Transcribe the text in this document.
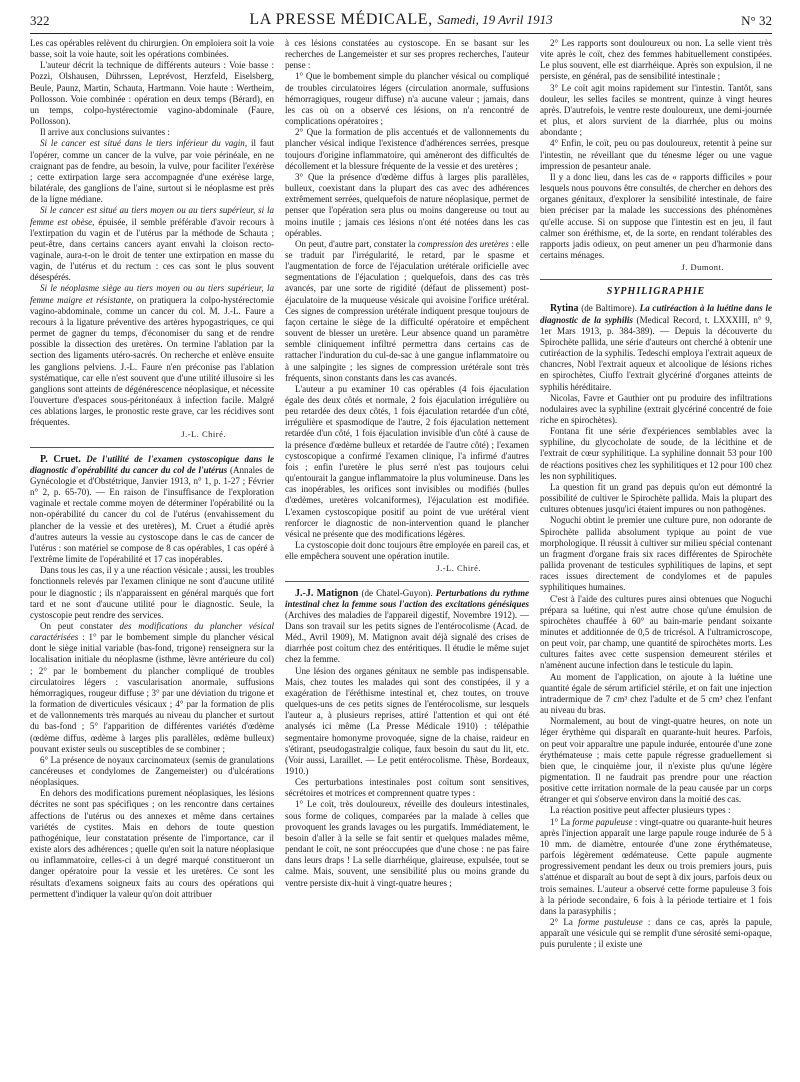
322	LA PRESSE MÉDICALE, Samedi, 19 Avril 1913	N° 32

Les cas opérables relèvent du chirurgien. On emploiera soit la voie basse, soit la voie haute, soit les opérations combinées.

L'auteur décrit la technique de différents auteurs : Voie basse : Pozzi, Olshausen, Dührssen, Leprévost, Herzfeld, Eiselsberg, Beule, Paunz, Martin, Schauta, Hartmann. Voie haute : Wertheim, Pollosson. Voie combinée : opération en deux temps (Bérard), en un temps, colpo-hystérectomie vagino-abdominale (Faure, Pollosson).

Il arrive aux conclusions suivantes :

Si le cancer est situé dans le tiers inférieur du vagin, il faut l'opérer, comme un cancer de la vulve, par voie périnéale, en ne craignant pas de fendre, au besoin, la vulve, pour faciliter l'exérèse ; cette extirpation large sera accompagnée d'une exérèse large, bilatérale, des ganglions de l'aine, surtout si le néoplasme est près de la ligne médiane.

Si le cancer est situé au tiers moyen ou au tiers supérieur, si la femme est obèse, épuisée, il semble préférable d'avoir recours à l'extirpation du vagin et de l'utérus par la méthode de Schauta ; peut-être, dans certains cancers ayant envahi la cloison recto-vaginale, aura-t-on le droit de tenter une extirpation en masse du vagin, de l'utérus et du rectum : ces cas sont le plus souvent désespérés.

Si le néoplasme siège au tiers moyen ou au tiers supérieur, la femme maigre et résistante, on pratiquera la colpo-hystérectomie vagino-abdominale, comme un cancer du col. M. J.-L. Faure a recours à la ligature préventive des artères hypogastriques, ce qui permet de gagner du temps, d'économiser du sang et de rendre possible la dissection des uretères. On termine l'ablation par la section des ligaments utéro-sacrés. On recherche et enlève ensuite les ganglions pelviens. J.-L. Faure n'en préconise pas l'ablation systématique, car elle n'est souvent que d'une utilité illusoire si les ganglions sont atteints de dégénérescence néoplasique, et nécessite l'ouverture d'espaces sous-péritonéaux à infection facile. Malgré ces ablations larges, le pronostic reste grave, car les récidives sont fréquentes.

J.-L. Chiré.

P. Cruet. De l'utilité de l'examen cystoscopique dans le diagnostic d'opérabilité du cancer du col de l'utérus (Annales de Gynécologie et d'Obstétrique, Janvier 1913, n° 1, p. 1-27 ; Février n° 2, p. 65-70). — En raison de l'insuffisance de l'exploration vaginale et rectale comme moyen de déterminer l'opérabilité ou la non-opérabilité du cancer du col de l'utérus (envahissement du plancher de la vessie et des uretères), M. Cruet a étudié après d'autres auteurs la vessie au cystoscope dans le cas de cancer de l'utérus : son matériel se compose de 8 cas opérables, 1 cas opéré à l'extrême limite de l'opérabilité et 17 cas inopérables.

Dans tous les cas, il y a une réaction vésicale ; aussi, les troubles fonctionnels relevés par l'examen clinique ne sont d'aucune utilité pour le diagnostic ; ils n'apparaissent en général marqués que fort tard et ne sont d'aucune utilité pour le diagnostic. Seule, la cystoscopie peut rendre des services.

On peut constater des modifications du plancher vésical caractérisées : 1° par le bombement simple du plancher vésical dont le siège initial variable (bas-fond, trigone) renseignera sur la localisation initiale du néoplasme (isthme, lèvre antérieure du col) ; 2° par le bombement du plancher compliqué de troubles circulatoires légers : vascularisation anormale, suffusions hémorragiques, rougeur diffuse ; 3° par une déviation du trigone et la formation de diverticules vésicaux ; 4° par la formation de plis et de vallonnements très marqués au niveau du plancher et surtout du bas-fond ; 5° l'apparition de différentes variétés d'œdème (œdème diffus, œdème à larges plis parallèles, œdème bulleux) pouvant exister seuls ou susceptibles de se combiner ;

6° La présence de noyaux carcinomateux (semis de granulations cancéreuses et condylomes de Zangemeister) ou d'ulcérations néoplasiques.

En dehors des modifications purement néoplasiques, les lésions décrites ne sont pas spécifiques ; on les rencontre dans certaines affections de l'utérus ou des annexes et même dans certaines variétés de cystites. Mais en dehors de toute question pathogénique, leur constatation présente de l'importance, car il existe alors des adhérences ; quelle qu'en soit la nature néoplasique ou inflammatoire, celles-ci à un degré marqué constitueront un danger opératoire pour la vessie et les uretères. Ce sont les résultats d'examens soigneux faits au cours des opérations qui permettent d'indiquer la valeur qu'on doit attribuer

à ces lésions constatées au cystoscope. En se basant sur les recherches de Langemeister et sur ses propres recherches, l'auteur pense :

1° Que le bombement simple du plancher vésical ou compliqué de troubles circulatoires légers (circulation anormale, suffusions hémorragiques, rougeur diffuse) n'a aucune valeur ; jamais, dans les cas où on a observé ces lésions, on n'a rencontré de complications opératoires ;

2° Que la formation de plis accentués et de vallonnements du plancher vésical indique l'existence d'adhérences serrées, presque toujours d'origine inflammatoire, qui amèneront des difficultés de décollement et la blessure fréquente de la vessie et des uretères ;

3° Que la présence d'œdème diffus à larges plis parallèles, bulleux, coexistant dans la plupart des cas avec des adhérences extrêmement serrées, quelquefois de nature néoplasique, permet de penser que l'opération sera plus ou moins dangereuse ou tout au moins inutile ; jamais ces lésions n'ont été notées dans les cas opérables.

On peut, d'autre part, constater la compression des uretères : elle se traduit par l'irrégularité, le retard, par le spasme et l'augmentation de force de l'éjaculation urétérale orificielle avec segmentations de l'éjaculation ; quelquefois, dans des cas très avancés, par une sorte de rigidité (défaut de plissement) post-éjaculatoire de la muqueuse vésicale qui avoisine l'orifice urétéral. Ces signes de compression urétérale indiquent presque toujours de façon certaine le siège de la difficulté opératoire et empêchent souvent de blesser un uretère. Leur absence quand un paramètre semble cliniquement infiltré permettra dans certains cas de rattacher l'induration du cul-de-sac à une gangue inflammatoire ou à une salpingite ; les signes de compression urétérale sont très fréquents, sinon constants dans les cas avancés.

L'auteur a pu examiner 10 cas opérables (4 fois éjaculation égale des deux côtés et normale, 2 fois éjaculation irrégulière ou peu retardée des deux côtés, 1 fois éjaculation retardée d'un côté, irrégulière et spasmodique de l'autre, 2 fois éjaculation nettement retardée d'un côté, 1 fois éjaculation invisible d'un côté à cause de la présence d'œdème bulleux et retardée de l'autre côté) ; l'examen cystoscopique a confirmé l'examen clinique, l'a infirmé d'autres fois ; enfin l'uretère le plus serré n'est pas toujours celui qu'entourait la gangue inflammatoire la plus volumineuse. Dans les cas inopérables, les orifices sont invisibles ou modifiés (bulles d'œdèmes, uretères volcaniformes), l'éjaculation est modifiée. L'examen cystoscopique positif au point de vue urétéral vient renforcer le diagnostic de non-intervention quand le plancher vésical ne présente que des modifications légères.

La cystoscopie doit donc toujours être employée en pareil cas, et elle empêchera souvent une opération inutile.

J.-L. Chiré.

J.-J. Matignon (de Chatel-Guyon). Perturbations du rythme intestinal chez la femme sous l'action des excitations génésiques (Archives des maladies de l'appareil digestif, Novembre 1912). — Dans son travail sur les petits signes de l'entérocolisme (Acad. de Méd., Avril 1909), M. Matignon avait déjà signalé des crises de diarrhée post coïtum chez des entéritiques. Il étudie le même sujet chez la femme.

Une lésion des organes génitaux ne semble pas indispensable. Mais, chez toutes les malades qui sont des constipées, il y a exagération de l'éréthisme intestinal et, chez toutes, on trouve quelques-uns de ces petits signes de l'entérocolisme, sur lesquels l'auteur a, à plusieurs reprises, attiré l'attention et qui ont été analysés ici même (La Presse Médicale 1910) : télépathie segmentaire homonyme provoquée, signe de la chaise, raideur en s'étirant, pseudogastralgie colique, faux besoin du saut du lit, etc. (Voir aussi, Laraillet. — Le petit entérocolisme. Thèse, Bordeaux, 1910.)

Ces perturbations intestinales post coïtum sont sensitives, sécrétoires et motrices et comprennent quatre types :

1° Le coït, très douloureux, réveille des douleurs intestinales, sous forme de coliques, comparées par la malade à celles que provoquent les grands lavages ou les purgatifs. Immédiatement, le besoin d'aller à la selle se fait sentir et quelques malades même, pendant le coït, ne sont préoccupées que d'une chose : ne pas faire dans leurs draps ! La selle diarrhéique, glaireuse, expulsée, tout se calme. Mais, souvent, une sensibilité plus ou moins grande du ventre persiste dix-huit à vingt-quatre heures ;

2° Les rapports sont douloureux ou non. La selle vient très vite après le coït, chez des femmes habituellement constipées. Le plus souvent, elle est diarrhéique. Après son expulsion, il ne persiste, en général, pas de sensibilité intestinale ;

3° Le coït agit moins rapidement sur l'intestin. Tantôt, sans douleur, les selles faciles se montrent, quinze à vingt heures après. D'autrefois, le ventre reste douloureux, une demi-journée et plus, et alors survient de la diarrhée, plus ou moins abondante ;

4° Enfin, le coït, peu ou pas douloureux, retentit à peine sur l'intestin, ne réveillant que du ténesme léger ou une vague impression de pesanteur anale.

Il y a donc lieu, dans les cas de « rapports difficiles » pour lesquels nous pouvons être consultés, de chercher en dehors des organes génitaux, d'explorer la sensibilité intestinale, de faire bien préciser par la malade les successions des phénomènes qu'elle accuse. Si on suppose que l'intestin est en jeu, il faut calmer son éréthisme, et, de la sorte, en rendant tolérables des rapports jadis odieux, on peut amener un peu d'harmonie dans certains ménages.

J. Dumont.
SYPHILIGRAPHIE

Rytina (de Baltimore). La cutiréaction à la luétine dans le diagnostic de la syphilis (Medical Record, t. LXXXIII, n° 9, 1er Mars 1913, p. 384-389). — Depuis la découverte du Spirochète pallida, une série d'auteurs ont cherché à obtenir une cutiréaction de la syphilis. Tedeschi employa l'extrait aqueux de chancres, Nobl l'extrait aqueux et alcoolique de lésions riches en spirochètes, Ciuffo l'extrait glycériné d'organes atteints de syphilis héréditaire.

Nicolas, Favre et Gauthier ont pu produire des infiltrations nodulaires avec la syphiline (extrait glycériné concentré de foie riche en spirochètes).

Fontana fit une série d'expériences semblables avec la syphiline, du glycocholate de soude, de la lécithine et de l'extrait de cœur syphilitique. La syphiline donnait 53 pour 100 de réactions positives chez les syphilitiques et 12 pour 100 chez les non syphilitiques.

La question fit un grand pas depuis qu'on eut démontré la possibilité de cultiver le Spirochète pallida. Mais la plupart des cultures obtenues jusqu'ici étaient impures ou non pathogènes.

Noguchi obtint le premier une culture pure, non odorante de Spirochète pallida absolument typique au point de vue morphologique. Il réussit à cultiver sur milieu spécial contenant un fragment d'organe frais six races différentes de Spirochète pallida provenant de testicules syphilitiques de lapins, et sept races issues directement de condylomes et de papules syphilitiques humaines.

C'est à l'aide des cultures pures ainsi obtenues que Noguchi prépara sa luétine, qui n'est autre chose qu'une émulsion de spirochètes chauffée à 60° au bain-marie pendant soixante minutes et additionnée de 0,5 de tricrésol. A l'ultramicroscope, on peut voir, par champ, une quantité de spirochètes morts. Les cultures faites avec cette suspension demeurent stériles et n'amènent aucune infection dans le testicule du lapin.

Au moment de l'application, on ajoute à la luétine une quantité égale de sérum artificiel stérile, et on fait une injection intradermique de 7 cm³ chez l'adulte et de 5 cm³ chez l'enfant au niveau du bras.

Normalement, au bout de vingt-quatre heures, on note un léger érythème qui disparaît en quarante-huit heures. Parfois, on peut voir apparaître une papule indurée, entourée d'une zone érythémateuse ; mais cette papule régresse graduellement si bien que, le cinquième jour, il n'existe plus qu'une légère pigmentation. Il ne faudrait pas prendre pour une réaction positive cette irritation normale de la peau causée par un corps étranger et qui s'observe environ dans la moitié des cas.

La réaction positive peut affecter plusieurs types :

1° La forme papuleuse : vingt-quatre ou quarante-huit heures après l'injection apparaît une large papule rouge indurée de 5 à 10 mm. de diamètre, entourée d'une zone érythémateuse, parfois légèrement œdémateuse. Cette papule augmente progressivement pendant les deux ou trois premiers jours, puis s'atténue et disparaît au bout de sept à dix jours, parfois deux ou trois semaines. L'auteur a observé cette forme papuleuse 3 fois à la période secondaire, 6 fois à la période tertiaire et 1 fois dans la parasyphilis ;

2° La forme pustuleuse : dans ce cas, après la papule, apparaît une vésicule qui se remplit d'une sérosité semi-opaque, puis purulente ; il existe une
